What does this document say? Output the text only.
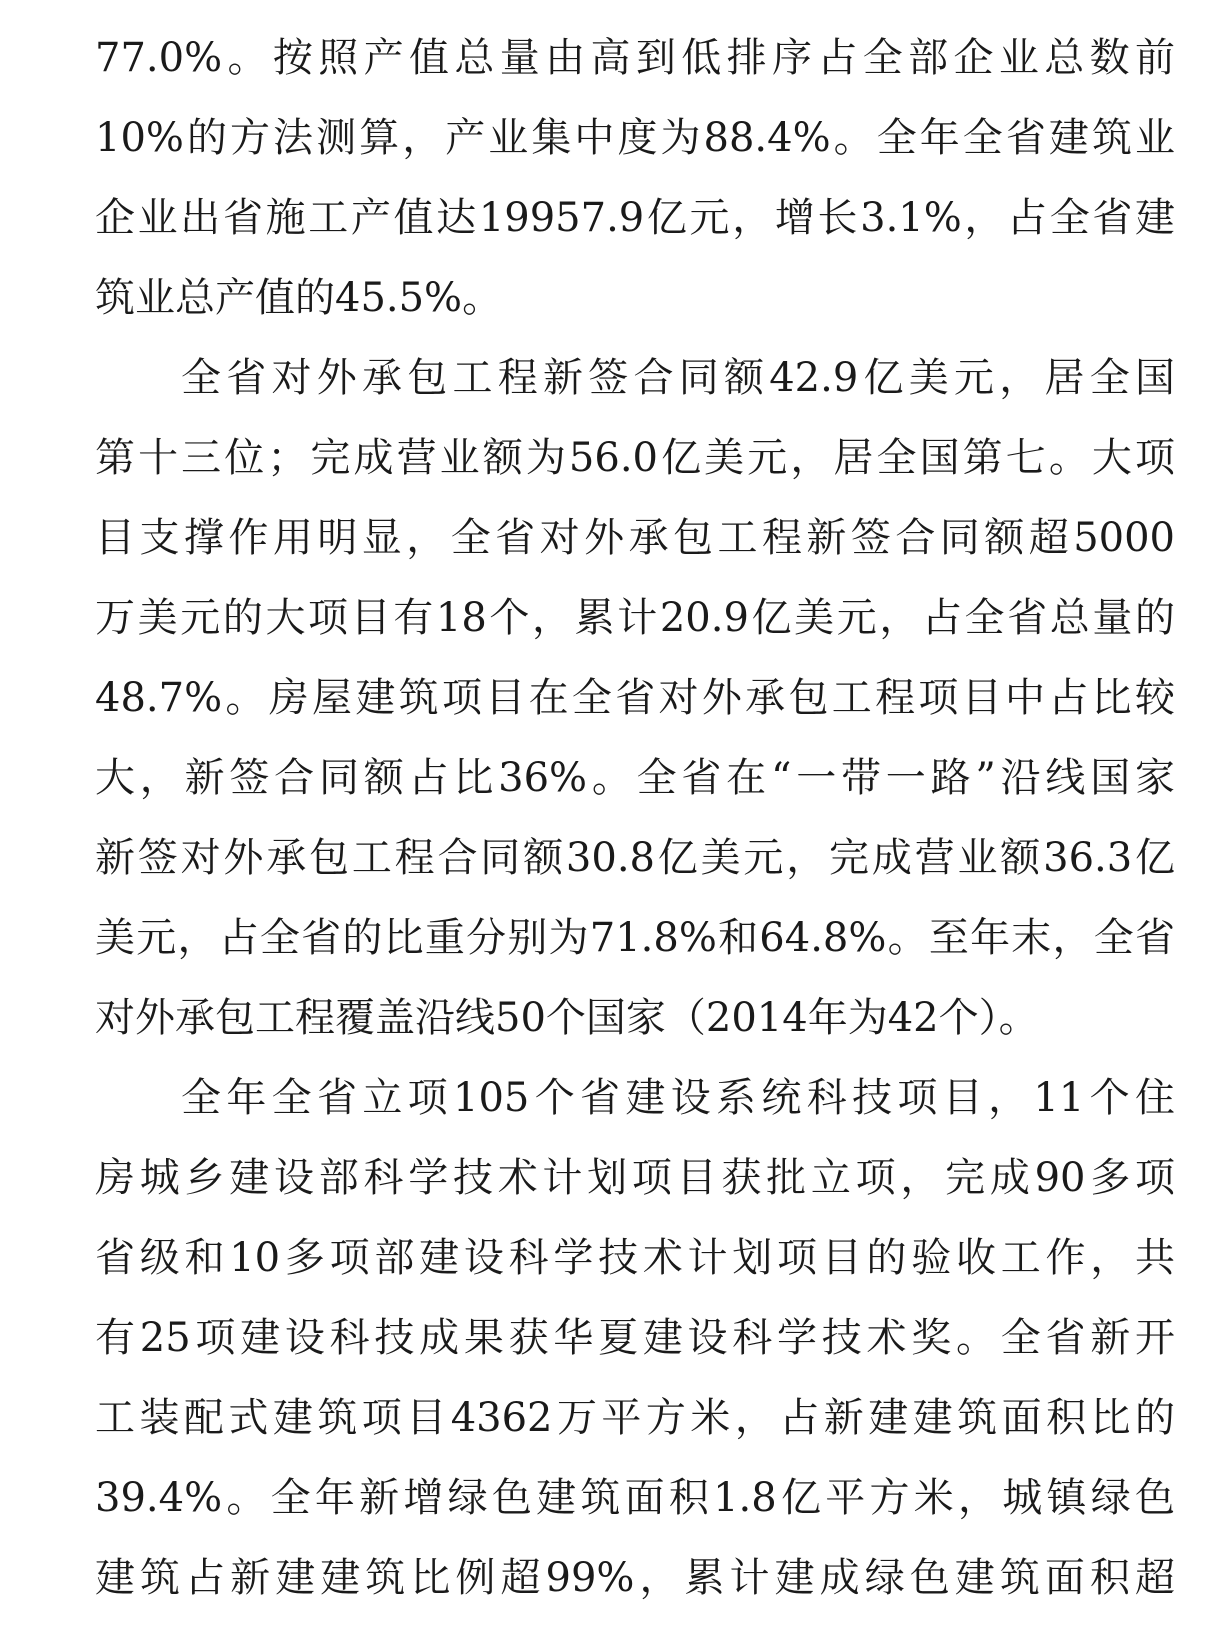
77.0%。按照产值总量由高到低排序占全部企业总数前
10%的方法测算，产业集中度为88.4%。全年全省建筑业
企业出省施工产值达19957.9亿元，增长3.1%，占全省建
筑业总产值的45.5%。
全省对外承包工程新签合同额42.9亿美元，居全国
第十三位；完成营业额为56.0亿美元，居全国第七。大项
目支撑作用明显，全省对外承包工程新签合同额超5000
万美元的大项目有18个，累计20.9亿美元，占全省总量的
48.7%。房屋建筑项目在全省对外承包工程项目中占比较
大，新签合同额占比36%。全省在“一带一路”沿线国家
新签对外承包工程合同额30.8亿美元，完成营业额36.3亿
美元，占全省的比重分别为71.8%和64.8%。至年末，全省
对外承包工程覆盖沿线50个国家（2014年为42个）。
全年全省立项105个省建设系统科技项目，11个住
房城乡建设部科学技术计划项目获批立项，完成90多项
省级和10多项部建设科学技术计划项目的验收工作，共
有25项建设科技成果获华夏建设科学技术奖。全省新开
工装配式建筑项目4362万平方米，占新建建筑面积比的
39.4%。全年新增绿色建筑面积1.8亿平方米，城镇绿色
建筑占新建建筑比例超99%，累计建成绿色建筑面积超
